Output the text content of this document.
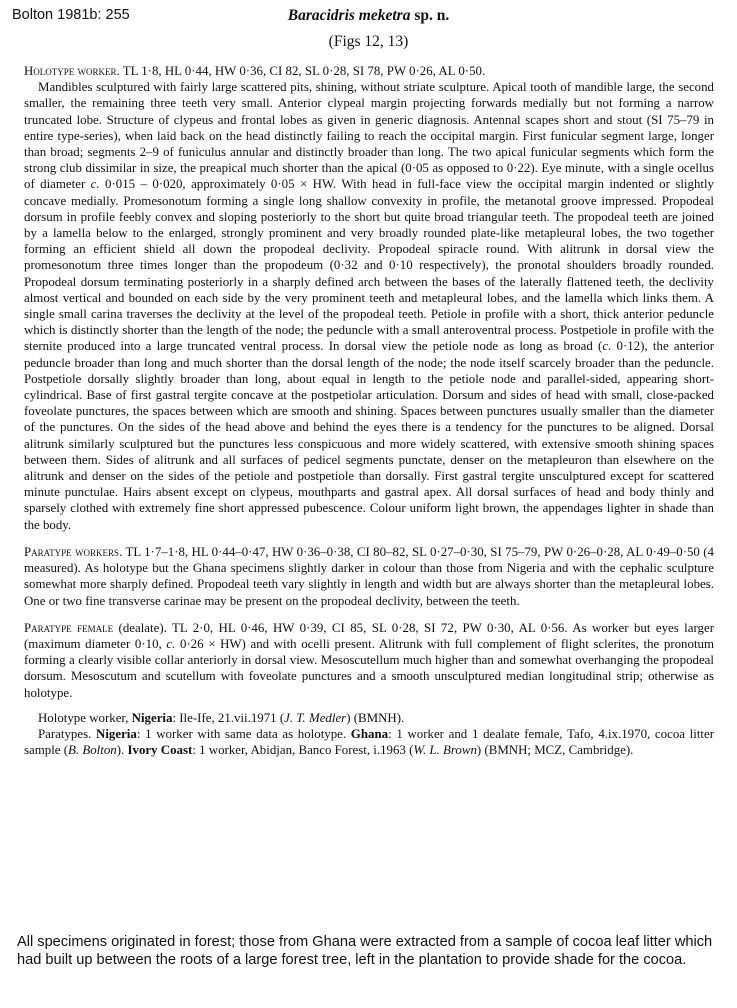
Bolton 1981b: 255	Baracidris meketra sp. n.
(Figs 12, 13)

Holotype worker. TL 1·8, HL 0·44, HW 0·36, CI 82, SL 0·28, SI 78, PW 0·26, AL 0·50.

Mandibles sculptured with fairly large scattered pits, shining, without striate sculpture. Apical tooth of mandible large, the second smaller, the remaining three teeth very small. Anterior clypeal margin projecting forwards medially but not forming a narrow truncated lobe. Structure of clypeus and frontal lobes as given in generic diagnosis. Antennal scapes short and stout (SI 75–79 in entire type-series), when laid back on the head distinctly failing to reach the occipital margin. First funicular segment large, longer than broad; segments 2–9 of funiculus annular and distinctly broader than long. The two apical funicular segments which form the strong club dissimilar in size, the preapical much shorter than the apical (0·05 as opposed to 0·22). Eye minute, with a single ocellus of diameter c. 0·015 – 0·020, approximately 0·05 × HW. With head in full-face view the occipital margin indented or slightly concave medially. Promesonotum forming a single long shallow convexity in profile, the metanotal groove impressed. Propodeal dorsum in profile feebly convex and sloping posteriorly to the short but quite broad triangular teeth. The propodeal teeth are joined by a lamella below to the enlarged, strongly prominent and very broadly rounded plate-like metapleural lobes, the two together forming an efficient shield all down the propodeal declivity. Propodeal spiracle round. With alitrunk in dorsal view the promesonotum three times longer than the propodeum (0·32 and 0·10 respectively), the pronotal shoulders broadly rounded. Propodeal dorsum terminating posteriorly in a sharply defined arch between the bases of the laterally flattened teeth, the declivity almost vertical and bounded on each side by the very prominent teeth and metapleural lobes, and the lamella which links them. A single small carina traverses the declivity at the level of the propodeal teeth. Petiole in profile with a short, thick anterior peduncle which is distinctly shorter than the length of the node; the peduncle with a small anteroventral process. Postpetiole in profile with the sternite produced into a large truncated ventral process. In dorsal view the petiole node as long as broad (c. 0·12), the anterior peduncle broader than long and much shorter than the dorsal length of the node; the node itself scarcely broader than the peduncle. Postpetiole dorsally slightly broader than long, about equal in length to the petiole node and parallel-sided, appearing short-cylindrical. Base of first gastral tergite concave at the postpetiolar articulation. Dorsum and sides of head with small, close-packed foveolate punctures, the spaces between which are smooth and shining. Spaces between punctures usually smaller than the diameter of the punctures. On the sides of the head above and behind the eyes there is a tendency for the punctures to be aligned. Dorsal alitrunk similarly sculptured but the punctures less conspicuous and more widely scattered, with extensive smooth shining spaces between them. Sides of alitrunk and all surfaces of pedicel segments punctate, denser on the metapleuron than elsewhere on the alitrunk and denser on the sides of the petiole and postpetiole than dorsally. First gastral tergite unsculptured except for scattered minute punctulae. Hairs absent except on clypeus, mouthparts and gastral apex. All dorsal surfaces of head and body thinly and sparsely clothed with extremely fine short appressed pubescence. Colour uniform light brown, the appendages lighter in shade than the body.

Paratype workers. TL 1·7–1·8, HL 0·44–0·47, HW 0·36–0·38, CI 80–82, SL 0·27–0·30, SI 75–79, PW 0·26–0·28, AL 0·49–0·50 (4 measured). As holotype but the Ghana specimens slightly darker in colour than those from Nigeria and with the cephalic sculpture somewhat more sharply defined. Propodeal teeth vary slightly in length and width but are always shorter than the metapleural lobes. One or two fine transverse carinae may be present on the propodeal declivity, between the teeth.

Paratype female (dealate). TL 2·0, HL 0·46, HW 0·39, CI 85, SL 0·28, SI 72, PW 0·30, AL 0·56. As worker but eyes larger (maximum diameter 0·10, c. 0·26 × HW) and with ocelli present. Alitrunk with full complement of flight sclerites, the pronotum forming a clearly visible collar anteriorly in dorsal view. Mesoscutellum much higher than and somewhat overhanging the propodeal dorsum. Mesoscutum and scutellum with foveolate punctures and a smooth unsculptured median longitudinal strip; otherwise as holotype.

Holotype worker, Nigeria: Ile-Ife, 21.vii.1971 (J. T. Medler) (BMNH).

Paratypes. Nigeria: 1 worker with same data as holotype. Ghana: 1 worker and 1 dealate female, Tafo, 4.ix.1970, cocoa litter sample (B. Bolton). Ivory Coast: 1 worker, Abidjan, Banco Forest, i.1963 (W. L. Brown) (BMNH; MCZ, Cambridge).

All specimens originated in forest; those from Ghana were extracted from a sample of cocoa leaf litter which had built up between the roots of a large forest tree, left in the plantation to provide shade for the cocoa.
